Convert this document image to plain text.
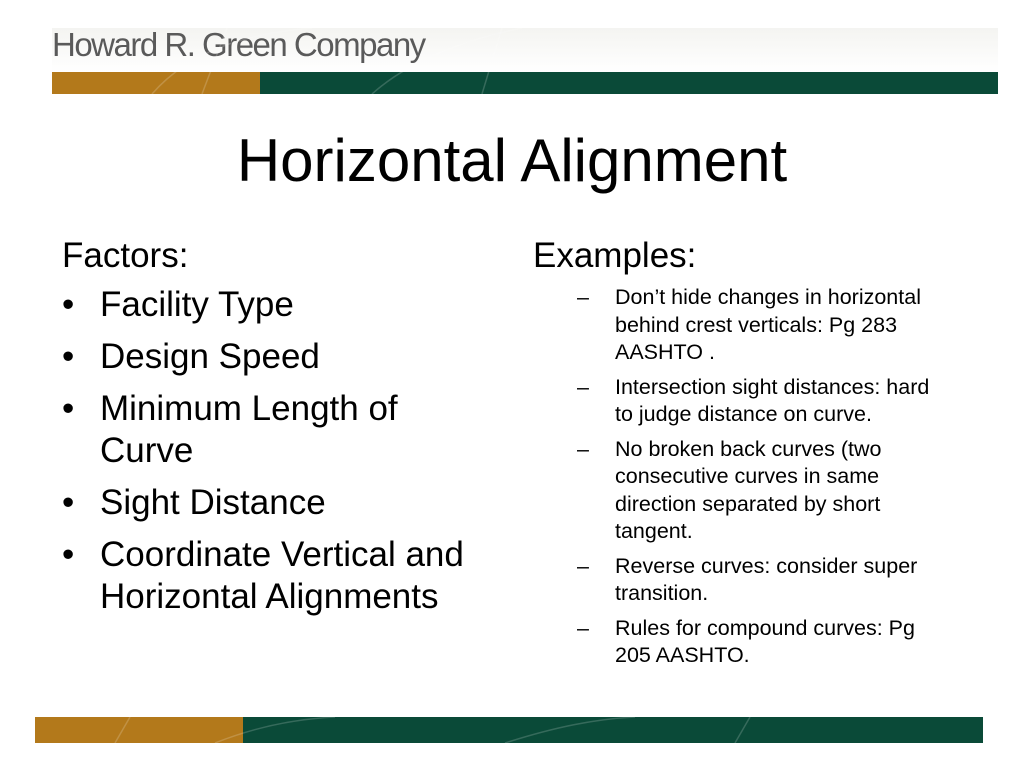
Howard R. Green Company
Horizontal Alignment
Factors:
• Facility Type
• Design Speed
• Minimum Length of Curve
• Sight Distance
• Coordinate Vertical and Horizontal Alignments
Examples:
– Don’t hide changes in horizontal behind crest verticals: Pg 283 AASHTO .
– Intersection sight distances: hard to judge distance on curve.
– No broken back curves (two consecutive curves in same direction separated by short tangent.
– Reverse curves: consider super transition.
– Rules for compound curves: Pg 205 AASHTO.
